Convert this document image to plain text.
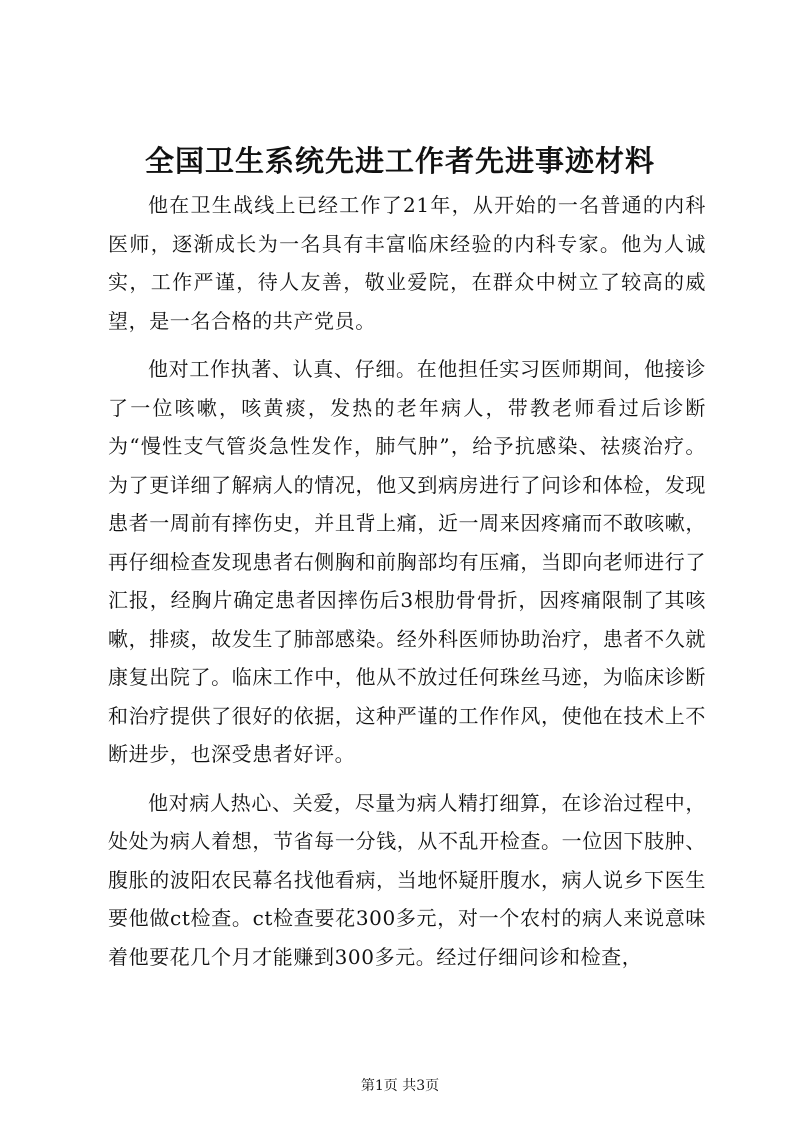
全国卫生系统先进工作者先进事迹材料

他在卫生战线上已经工作了21年，从开始的一名普通的内科医师，逐渐成长为一名具有丰富临床经验的内科专家。他为人诚实，工作严谨，待人友善，敬业爱院，在群众中树立了较高的威望，是一名合格的共产党员。

他对工作执著、认真、仔细。在他担任实习医师期间，他接诊了一位咳嗽，咳黄痰，发热的老年病人，带教老师看过后诊断为“慢性支气管炎急性发作，肺气肿”，给予抗感染、祛痰治疗。为了更详细了解病人的情况，他又到病房进行了问诊和体检，发现患者一周前有摔伤史，并且背上痛，近一周来因疼痛而不敢咳嗽，再仔细检查发现患者右侧胸和前胸部均有压痛，当即向老师进行了汇报，经胸片确定患者因摔伤后3根肋骨骨折，因疼痛限制了其咳嗽，排痰，故发生了肺部感染。经外科医师协助治疗，患者不久就康复出院了。临床工作中，他从不放过任何珠丝马迹，为临床诊断和治疗提供了很好的依据，这种严谨的工作作风，使他在技术上不断进步，也深受患者好评。

他对病人热心、关爱，尽量为病人精打细算，在诊治过程中，处处为病人着想，节省每一分钱，从不乱开检查。一位因下肢肿、腹胀的波阳农民幕名找他看病，当地怀疑肝腹水，病人说乡下医生要他做ct检查。ct检查要花300多元，对一个农村的病人来说意味着他要花几个月才能赚到300多元。经过仔细问诊和检查，

第1页 共3页
